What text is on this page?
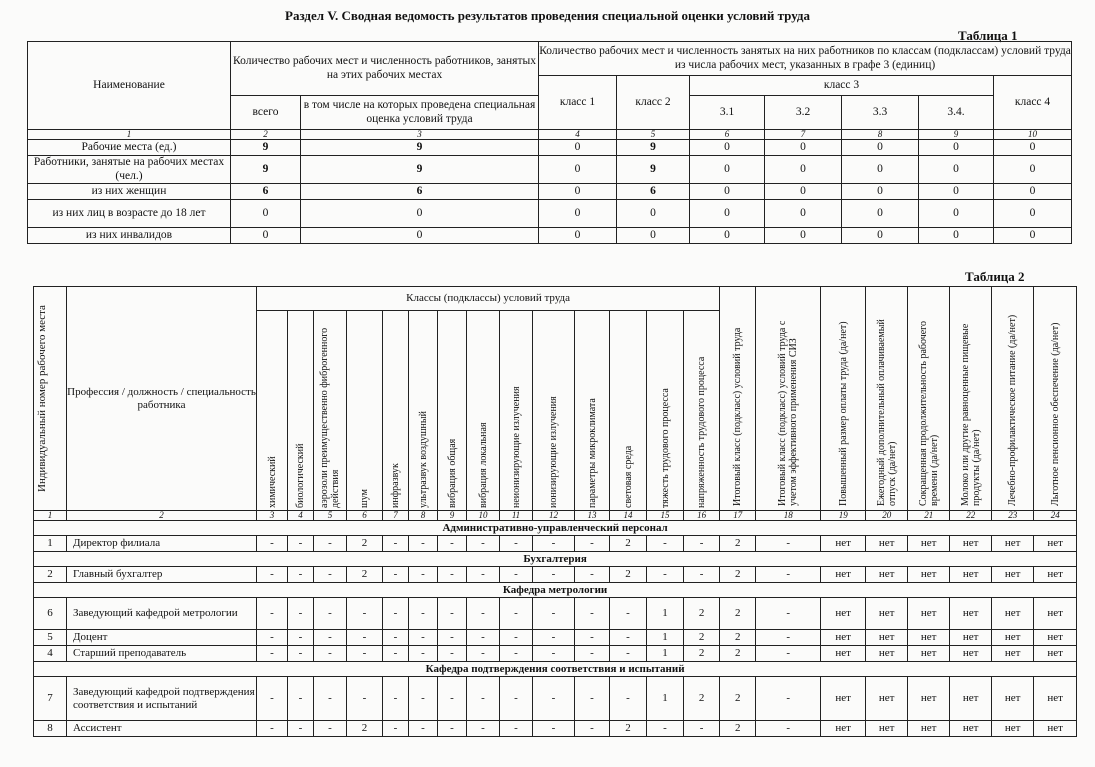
Раздел V. Сводная ведомость результатов проведения специальной оценки условий труда
Таблица 1
Наименование	Количество рабочих мест и численность работников, занятых на этих рабочих местах		Количество рабочих мест и численность занятых на них работников по классам (подклассам) условий труда из числа рабочих мест, указанных в графе 3 (единиц)						
			класс 1	класс 2	класс 3				класс 4
	всего	в том числе на которых проведена специальная оценка условий труда			3.1	3.2	3.3	3.4.	
1	2	3	4	5	6	7	8	9	10
Рабочие места (ед.)	9	9	0	9	0	0	0	0	0
Работники, занятые на рабочих местах (чел.)	9	9	0	9	0	0	0	0	0
из них женщин	6	6	0	6	0	0	0	0	0
из них лиц в возрасте до 18 лет	0	0	0	0	0	0	0	0	0
из них инвалидов	0	0	0	0	0	0	0	0	0
Таблица 2
Индивидуальный номер рабочего места	Профессия / должность / специальность работника	Классы (подклассы) условий труда														Итоговый класс (подкласс) условий труда	Итоговый класс (подкласс) условий труда с учетом эффективного применения СИЗ	Повышенный размер оплаты труда (да/нет)	Ежегодный дополнительный оплачиваемый отпуск (да/нет)	Сокращенная продолжительность рабочего времени (да/нет)	Молоко или другие равноценные пищевые продукты (да/нет)	Лечебно-профилактическое питание (да/нет)	Льготное пенсионное обеспечение (да/нет)

		химический	биологический	аэрозоли преимущественно фиброгенного действия	шум	инфразвук	ультразвук воздушный	вибрация общая	вибрация локальная	неионизирующие излучения	ионизирующие излучения	параметры микроклимата	световая среда	тяжесть трудового процесса	напряженность трудового процесса								

1	2	3	4	5	6	7	8	9	10	11	12	13	14	15	16	17	18	19	20	21	22	23	24
Административно-управленческий персонал																							
1	Директор филиала	-	-	-	2	-	-	-	-	-	-	-	2	-	-	2	-	нет	нет	нет	нет	нет	нет
Бухгалтерия																							
2	Главный бухгалтер	-	-	-	2	-	-	-	-	-	-	-	2	-	-	2	-	нет	нет	нет	нет	нет	нет
Кафедра метрологии																							
6	Заведующий кафедрой метрологии	-	-	-	-	-	-	-	-	-	-	-	-	1	2	2	-	нет	нет	нет	нет	нет	нет
5	Доцент	-	-	-	-	-	-	-	-	-	-	-	-	1	2	2	-	нет	нет	нет	нет	нет	нет
4	Старший преподаватель	-	-	-	-	-	-	-	-	-	-	-	-	1	2	2	-	нет	нет	нет	нет	нет	нет
Кафедра подтверждения соответствия и испытаний																							
7	Заведующий кафедрой подтверждения соответствия и испытаний	-	-	-	-	-	-	-	-	-	-	-	-	1	2	2	-	нет	нет	нет	нет	нет	нет
8	Ассистент	-	-	-	2	-	-	-	-	-	-	-	2	-	-	2	-	нет	нет	нет	нет	нет	нет
